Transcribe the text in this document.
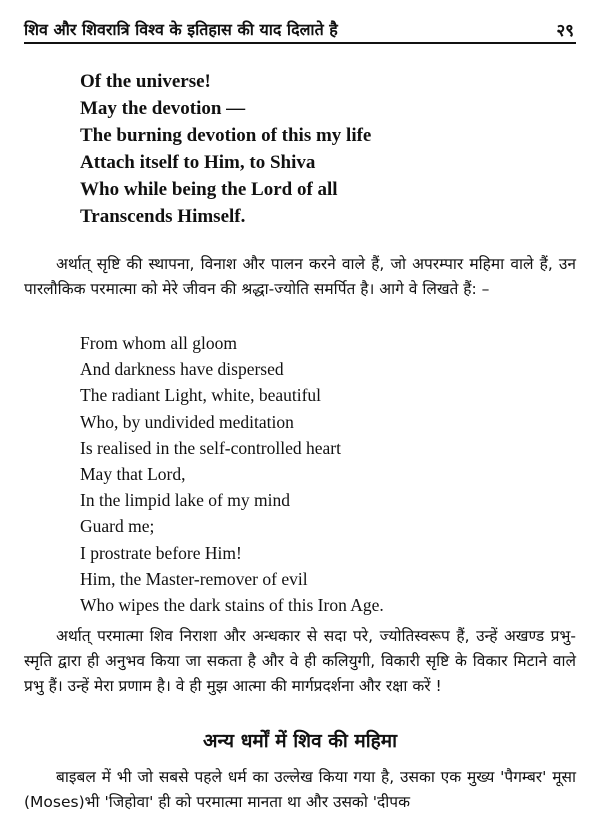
शिव और शिवरात्रि विश्व के इतिहास की याद दिलाते है	२९
Of the universe!
May the devotion —
The burning devotion of this my life
Attach itself to Him, to Shiva
Who while being the Lord of all
Transcends Himself.

अर्थात् सृष्टि की स्थापना, विनाश और पालन करने वाले हैं, जो अपरम्पार महिमा वाले हैं, उन पारलौकिक परमात्मा को मेरे जीवन की श्रद्धा-ज्योति समर्पित है। आगे वे लिखते हैं: –

From whom all gloom
And darkness have dispersed
The radiant Light, white, beautiful
Who, by undivided meditation
Is realised in the self-controlled heart
May that Lord,
In the limpid lake of my mind
Guard me;
I prostrate before Him!
Him, the Master-remover of evil
Who wipes the dark stains of this Iron Age.

अर्थात् परमात्मा शिव निराशा और अन्धकार से सदा परे, ज्योतिस्वरूप हैं, उन्हें अखण्ड प्रभु-स्मृति द्वारा ही अनुभव किया जा सकता है और वे ही कलियुगी, विकारी सृष्टि के विकार मिटाने वाले प्रभु हैं। उन्हें मेरा प्रणाम है। वे ही मुझ आत्मा की मार्गप्रदर्शना और रक्षा करें !

अन्य धर्मों में शिव की महिमा

बाइबल में भी जो सबसे पहले धर्म का उल्लेख किया गया है, उसका एक मुख्य 'पैगम्बर' मूसा (Moses)भी 'जिहोवा' ही को परमात्मा मानता था और उसको 'दीपक
